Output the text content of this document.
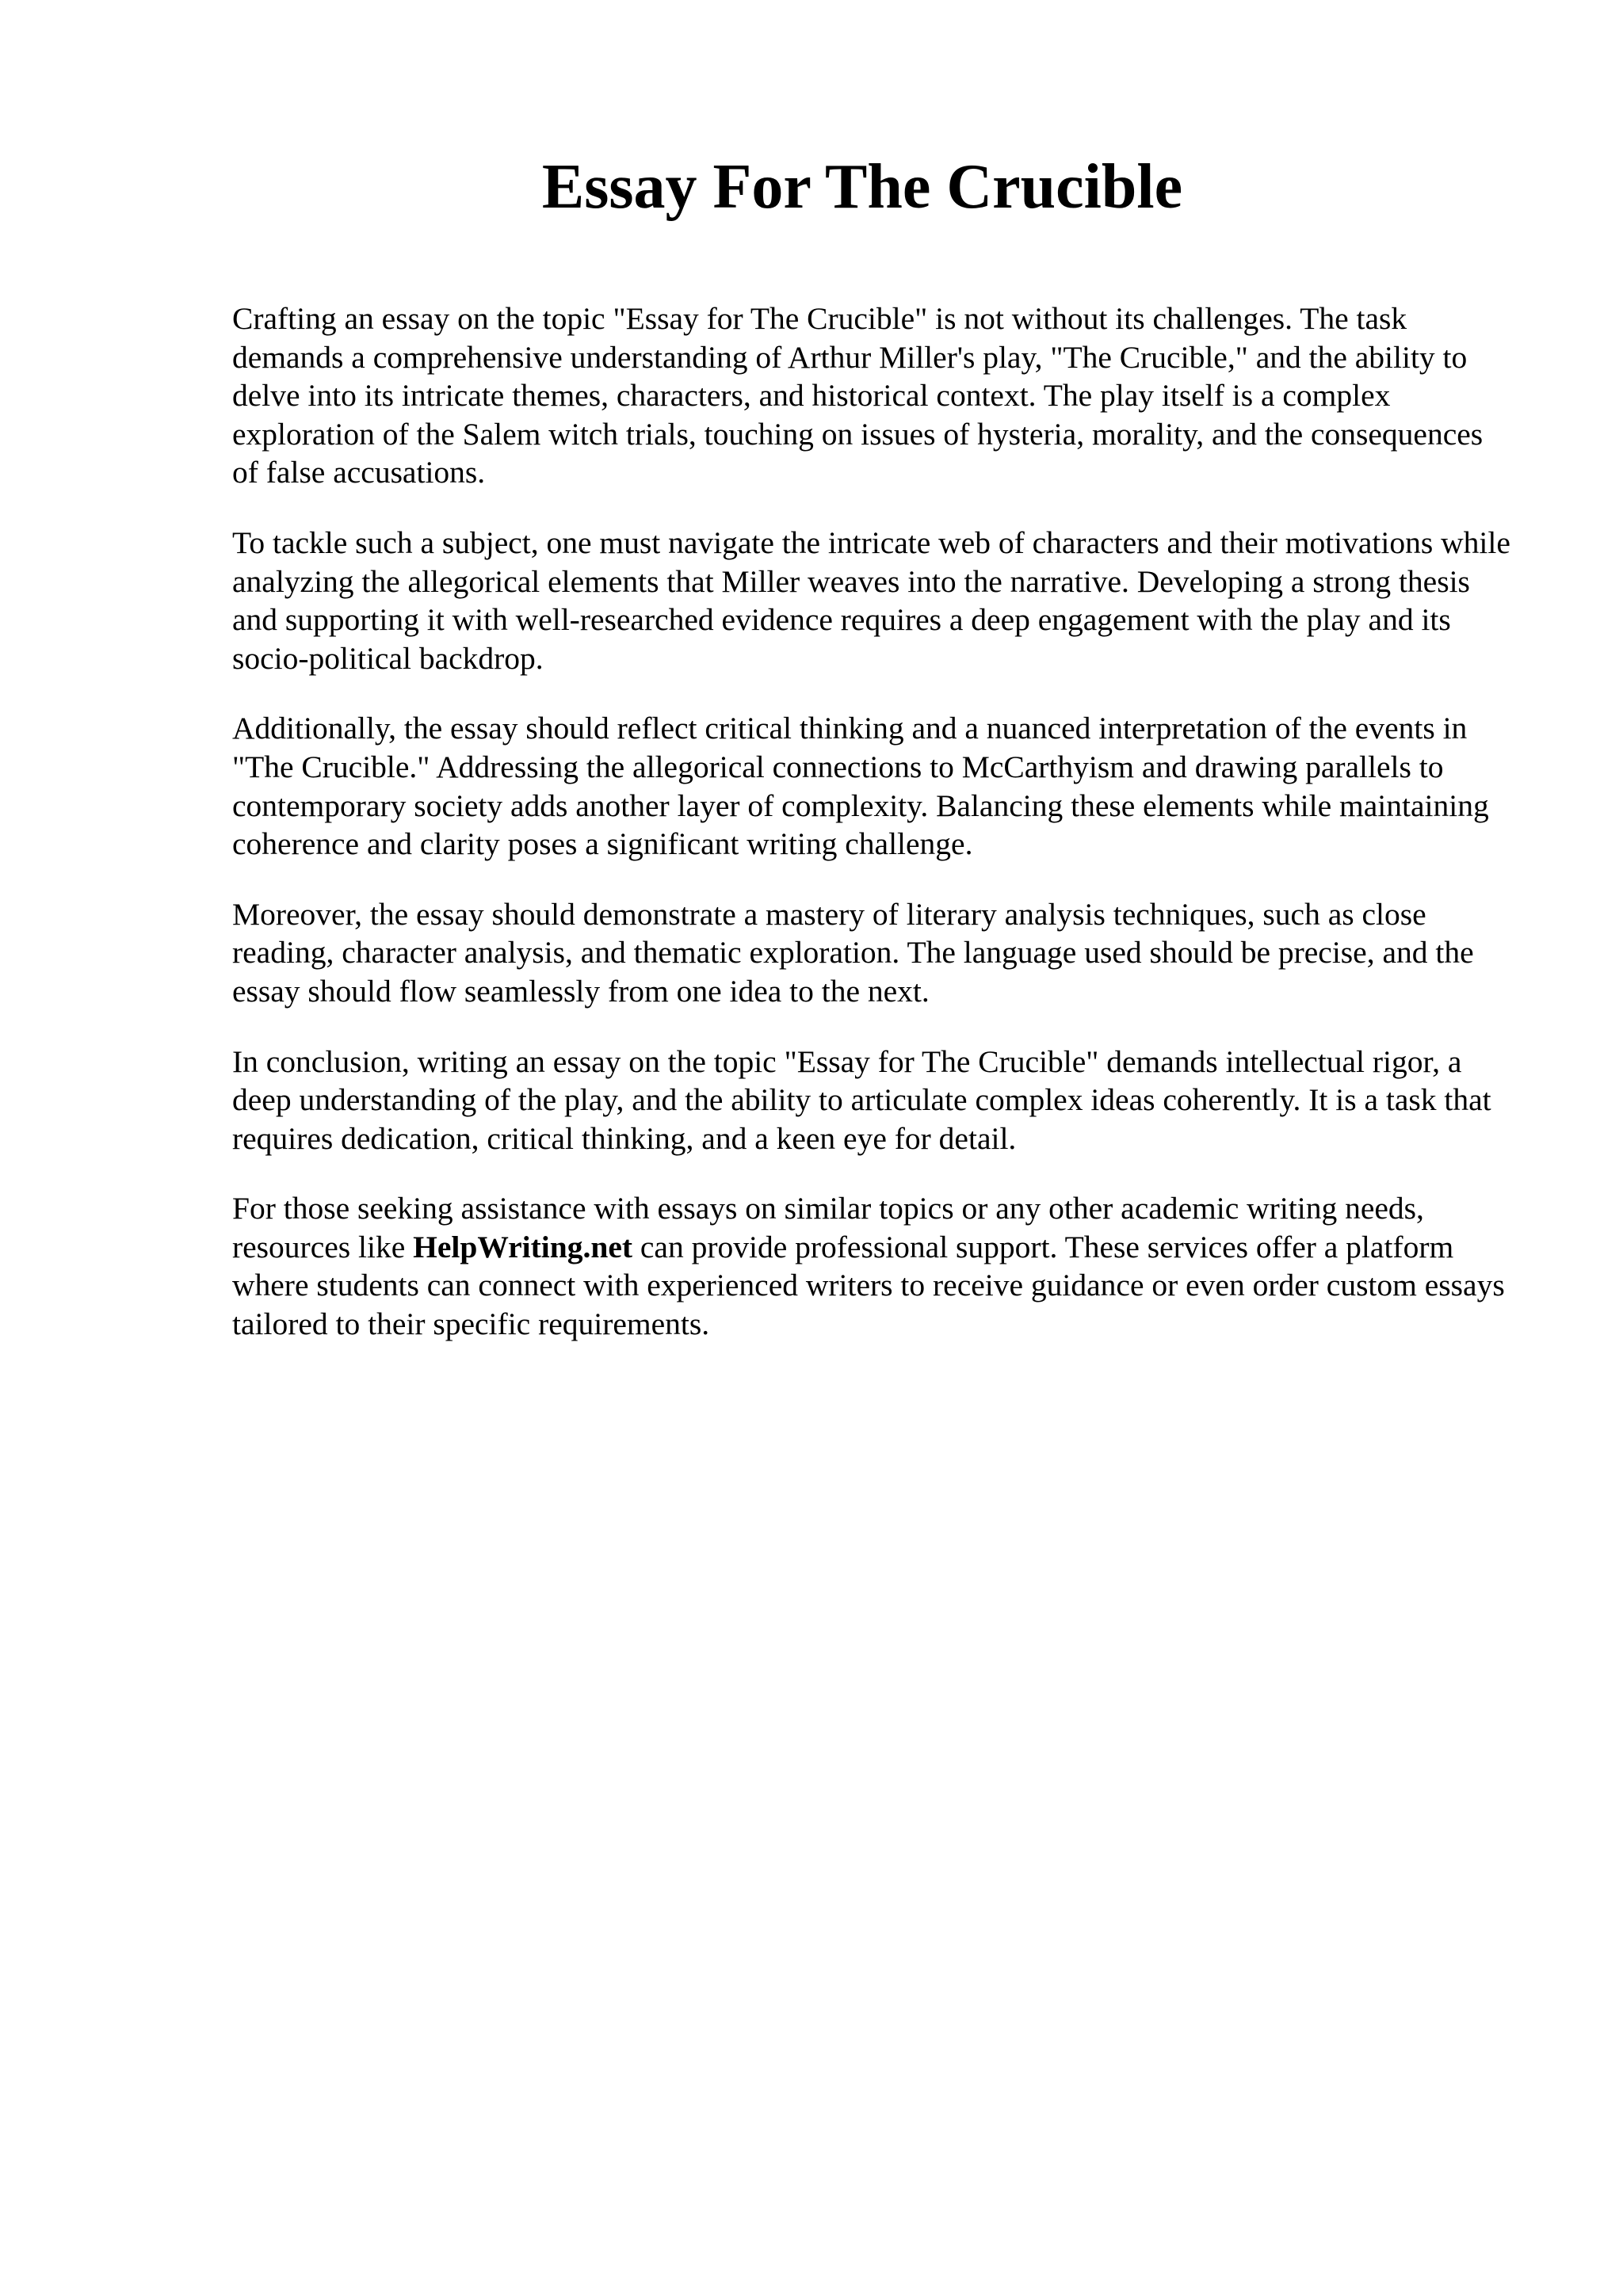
Essay For The Crucible

Crafting an essay on the topic "Essay for The Crucible" is not without its challenges. The task demands a comprehensive understanding of Arthur Miller's play, "The Crucible," and the ability to delve into its intricate themes, characters, and historical context. The play itself is a complex exploration of the Salem witch trials, touching on issues of hysteria, morality, and the consequences of false accusations.

To tackle such a subject, one must navigate the intricate web of characters and their motivations while analyzing the allegorical elements that Miller weaves into the narrative. Developing a strong thesis and supporting it with well-researched evidence requires a deep engagement with the play and its socio-political backdrop.

Additionally, the essay should reflect critical thinking and a nuanced interpretation of the events in "The Crucible." Addressing the allegorical connections to McCarthyism and drawing parallels to contemporary society adds another layer of complexity. Balancing these elements while maintaining coherence and clarity poses a significant writing challenge.

Moreover, the essay should demonstrate a mastery of literary analysis techniques, such as close reading, character analysis, and thematic exploration. The language used should be precise, and the essay should flow seamlessly from one idea to the next.

In conclusion, writing an essay on the topic "Essay for The Crucible" demands intellectual rigor, a deep understanding of the play, and the ability to articulate complex ideas coherently. It is a task that requires dedication, critical thinking, and a keen eye for detail.

For those seeking assistance with essays on similar topics or any other academic writing needs, resources like HelpWriting.net can provide professional support. These services offer a platform where students can connect with experienced writers to receive guidance or even order custom essays tailored to their specific requirements.
